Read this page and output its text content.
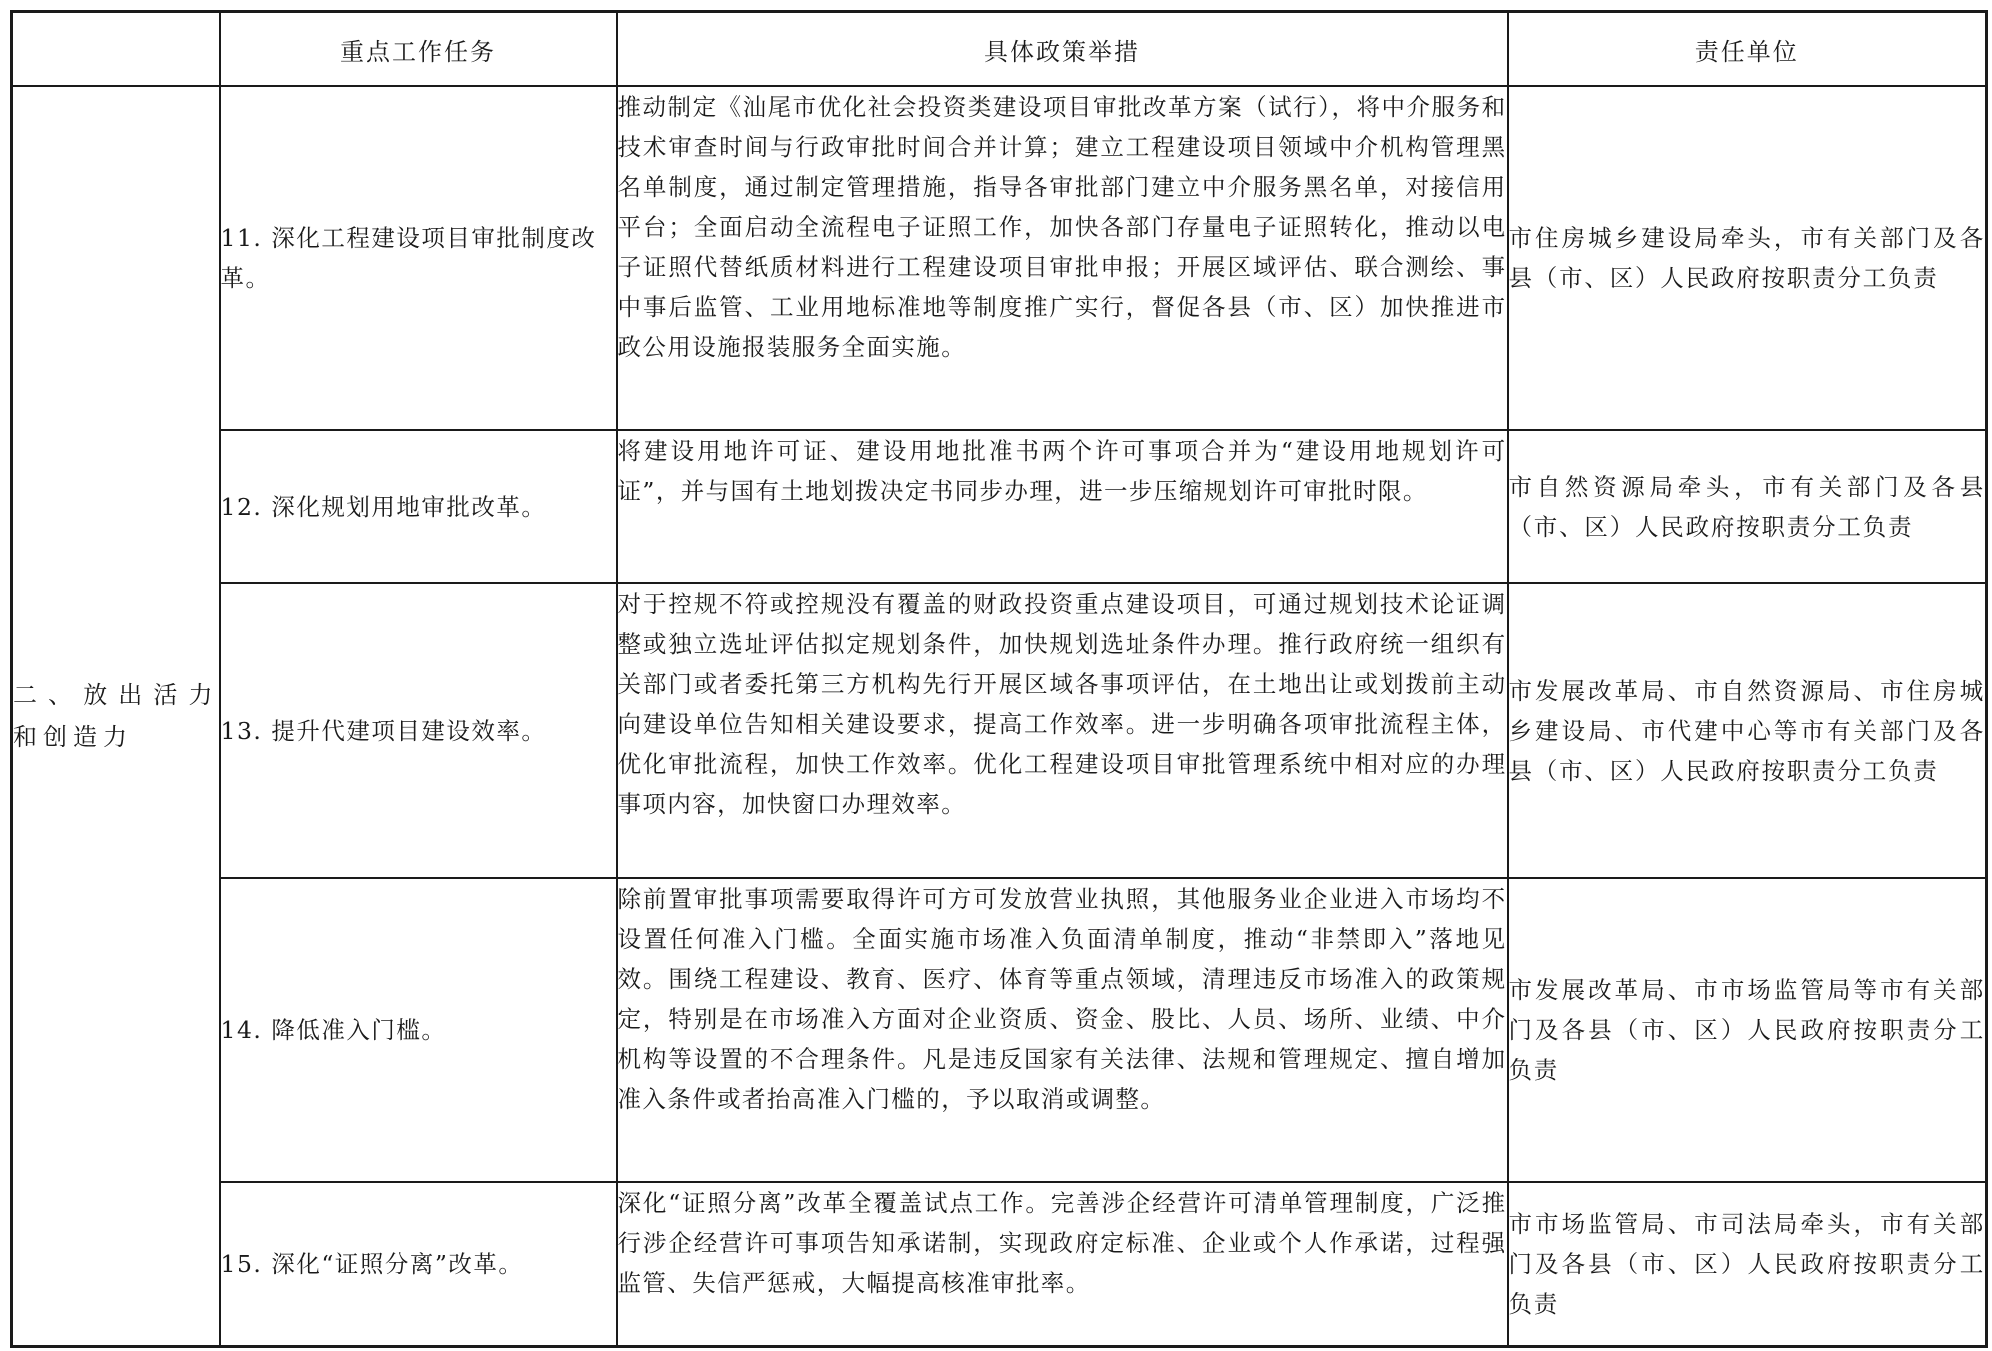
	重点工作任务	具体政策举措	责任单位
二、放出活力和创造力	11. 深化工程建设项目审批制度改革。	推动制定《汕尾市优化社会投资类建设项目审批改革方案（试行），将中介服务和技术审查时间与行政审批时间合并计算；建立工程建设项目领域中介机构管理黑名单制度，通过制定管理措施，指导各审批部门建立中介服务黑名单，对接信用平台；全面启动全流程电子证照工作，加快各部门存量电子证照转化，推动以电子证照代替纸质材料进行工程建设项目审批申报；开展区域评估、联合测绘、事中事后监管、工业用地标准地等制度推广实行，督促各县（市、区）加快推进市政公用设施报装服务全面实施。	市住房城乡建设局牵头，市有关部门及各县（市、区）人民政府按职责分工负责
	12. 深化规划用地审批改革。	将建设用地许可证、建设用地批准书两个许可事项合并为“建设用地规划许可证”，并与国有土地划拨决定书同步办理，进一步压缩规划许可审批时限。	市自然资源局牵头，市有关部门及各县（市、区）人民政府按职责分工负责
	13. 提升代建项目建设效率。	对于控规不符或控规没有覆盖的财政投资重点建设项目，可通过规划技术论证调整或独立选址评估拟定规划条件，加快规划选址条件办理。推行政府统一组织有关部门或者委托第三方机构先行开展区域各事项评估，在土地出让或划拨前主动向建设单位告知相关建设要求，提高工作效率。进一步明确各项审批流程主体，优化审批流程，加快工作效率。优化工程建设项目审批管理系统中相对应的办理事项内容，加快窗口办理效率。	市发展改革局、市自然资源局、市住房城乡建设局、市代建中心等市有关部门及各县（市、区）人民政府按职责分工负责
	14. 降低准入门槛。	除前置审批事项需要取得许可方可发放营业执照，其他服务业企业进入市场均不设置任何准入门槛。全面实施市场准入负面清单制度，推动“非禁即入”落地见效。围绕工程建设、教育、医疗、体育等重点领域，清理违反市场准入的政策规定，特别是在市场准入方面对企业资质、资金、股比、人员、场所、业绩、中介机构等设置的不合理条件。凡是违反国家有关法律、法规和管理规定、擅自增加准入条件或者抬高准入门槛的，予以取消或调整。	市发展改革局、市市场监管局等市有关部门及各县（市、区）人民政府按职责分工负责
	15. 深化“证照分离”改革。	深化“证照分离”改革全覆盖试点工作。完善涉企经营许可清单管理制度，广泛推行涉企经营许可事项告知承诺制，实现政府定标准、企业或个人作承诺，过程强监管、失信严惩戒，大幅提高核准审批率。	市市场监管局、市司法局牵头，市有关部门及各县（市、区）人民政府按职责分工负责
